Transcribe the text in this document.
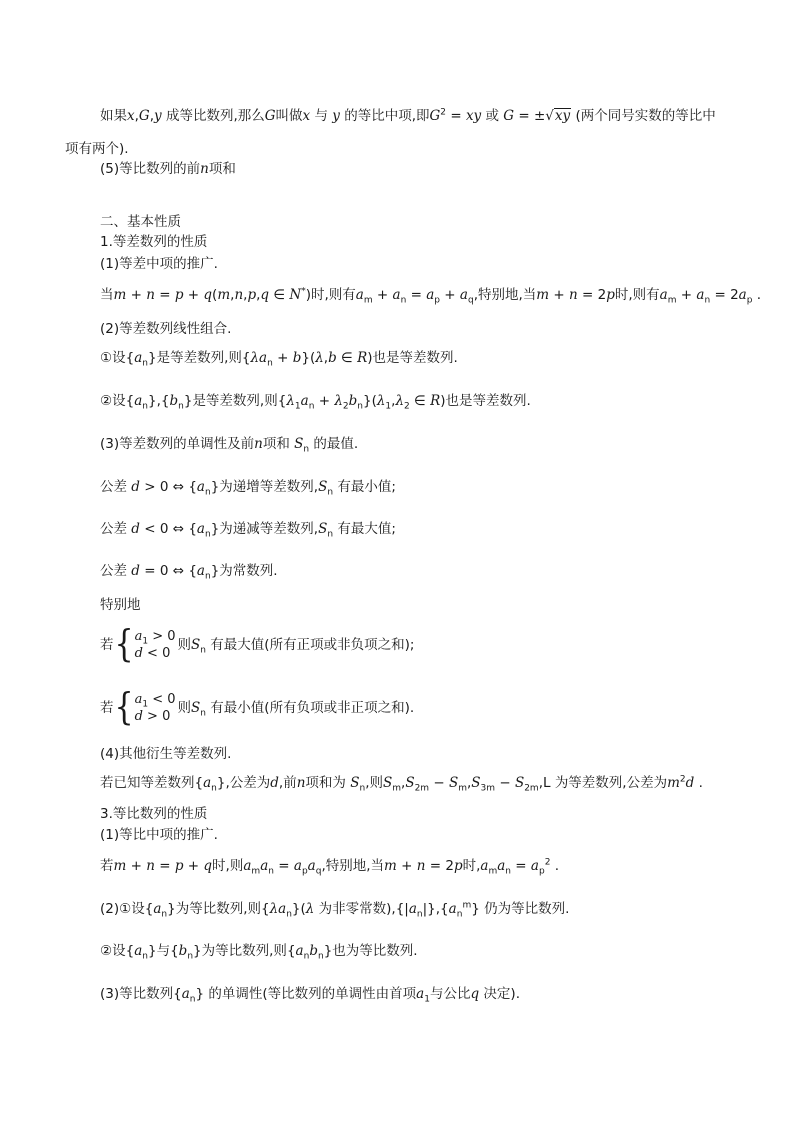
如果x,G,y 成等比数列,那么G叫做x 与 y 的等比中项,即$G^2$ = xy 或 G = ±√xy (两个同号实数的等比中
项有两个).
(5)等比数列的前n项和
二、基本性质
1.等差数列的性质
(1)等差中项的推广.
当m + n = p + q(m,n,p,q ∈ N*)时,则有$a_m + a_n = a_p + a_q$,特别地,当m + n = 2p时,则有$a_m + a_n = 2a_p$ .
(2)等差数列线性组合.
①设$\{a_n\}$是等差数列,则$\{\lambda a_n + b\}(\lambda,b$ ∈ R)也是等差数列.
②设$\{a_n\},\{b_n\}$是等差数列,则$\{\lambda_1a_n + \lambda_2b_n\}(\lambda_1,\lambda_2$ ∈ R)也是等差数列.
(3)等差数列的单调性及前n项和 $S_n$ 的最值.
公差 d > 0 ⇔ $\{a_n\}$为递增等差数列$,S_n$ 有最小值;
公差 d < 0 ⇔ $\{a_n\}$为递减等差数列$,S_n$ 有最大值;
公差 d = 0 ⇔ $\{a_n\}$为常数列.
特别地
若{ $a_1 > 0$
d < 0
则$S_n$ 有最大值(所有正项或非负项之和);
若{ $a_1 < 0$
d > 0
则$S_n$ 有最小值(所有负项或非正项之和).
(4)其他衍生等差数列.
若已知等差数列$\{a_n\}$,公差为d,前n项和为 $S_n$,则$S_m,S_{2m} - S_m,S_{3m} - S_{2m},L$ 为等差数列,公差为$m^2d$ .
3.等比数列的性质
(1)等比中项的推广.
若m + n = p + q时,则$a_ma_n = a_pa_q$,特别地,当m + n = 2p时$,a_ma_n = a_p^2$ .
(2)①设$\{a_n\}$为等比数列,则$\{\lambda a_n\}(\lambda$ 为非零常数)$,\{|a_n|\},\{a_n^m\}$ 仍为等比数列.
②设$\{a_n\}$与$\{b_n\}$为等比数列,则$\{a_nb_n\}$也为等比数列.
(3)等比数列$\{a_n\}$ 的单调性(等比数列的单调性由首项$a_1$与公比q 决定).
